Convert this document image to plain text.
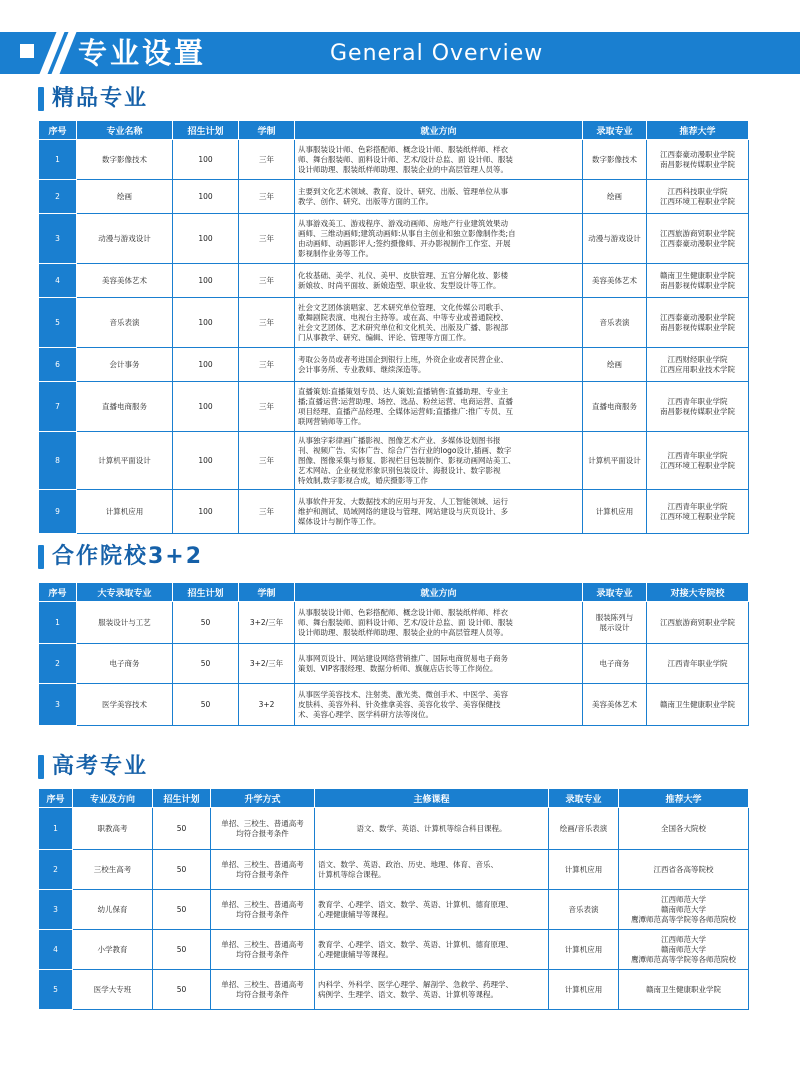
专业设置	General Overview
精品专业
序号	专业名称	招生计划	学制	就业方向	录取专业	推荐大学
1	数字影像技术	100	三年	从事服装设计师、色彩搭配师、概念设计师、服装纸样师、样衣
师、舞台服装师、面料设计师、艺术/设计总监、面 设计师、服装
设计师助理、服装纸样师助理、服装企业的中高层管理人员等。	数字影像技术	江西泰豪动漫职业学院
南昌影视传媒职业学院

2	绘画	100	三年	主要到文化艺术领域、教育、设计、研究、出版、管理单位从事
教学、创作、研究、出版等方面的工作。	绘画	江西科技职业学院
江西环境工程职业学院

3	动漫与游戏设计	100	三年	从事游戏美工、游戏程序、游戏动画师、房地产行业建筑效果动
画师、三维动画师;建筑动画师:从事自主创业和独立影像制作类;自
由动画师、动画影评人;签约摄像师、开办影视制作工作室、开展
影视制作业务等工作。	动漫与游戏设计	江西旅游商贸职业学院
江西泰豪动漫职业学院

4	美容美体艺术	100	三年	化妆基础、美学、礼仪、美甲、皮肤管理、五官分解化妆、影楼
新娘妆、时尚平面妆、新娘造型、职业妆、发型设计等工作。	美容美体艺术	赣南卫生健康职业学院
南昌影视传媒职业学院

5	音乐表演	100	三年	社会文艺团体演唱家、艺术研究单位管理、文化传媒公司歌手、
歌舞剧院表演、电视台主持等。或在高、中等专业或普通院校、
社会文艺团体、艺术研究单位和文化机关、出版及广播、影视部
门从事教学、研究、编辑、评论、管理等方面工作。	音乐表演	江西泰豪动漫职业学院
南昌影视传媒职业学院

6	会计事务	100	三年	考取公务员或者考进国企到银行上班，外资企业或者民营企业、
会计事务所、专业教师、继续深造等。	绘画	江西财经职业学院
江西应用职业技术学院

7	直播电商服务	100	三年	直播策划:直播策划专员、达人策划;直播销售:直播助理、专业主
播;直播运营:运营助理、场控、选品、粉丝运营、电商运营、直播
项目经理、直播产品经理、全媒体运营师;直播推广:推广专员、互
联网营销师等工作。	直播电商服务	江西青年职业学院
南昌影视传媒职业学院

8	计算机平面设计	100	三年	从事独字彩律画广播影视、图像艺术产业、多媒体设划图书报
刊、视频广告、实体广告、综合广告行业的logo设计,插画、数字
图像、图像采集与修复、影视栏目包装制作、影视动画网站美工、
艺术网站、企业视觉形象识别包装设计、海报设计、数字影视
特效制,数字影视合成，婚庆摄影等工作	计算机平面设计	江西青年职业学院
江西环境工程职业学院

9	计算机应用	100	三年	从事软件开发、大数据技术的应用与开发、人工智能领域、运行
维护和测试、局域网络的建设与管理、网站建设与庆页设计、多
媒体设计与制作等工作。	计算机应用	江西青年职业学院
江西环境工程职业学院
合作院校3+2
序号	大专录取专业	招生计划	学制	就业方向	录取专业	对接大专院校
1	服装设计与工艺	50	3+2/三年	从事服装设计师、色彩搭配师、概念设计师、服装纸样师、样衣
师、舞台服装师、面料设计师、艺术/设计总监、面 设计师、服装
设计师助理、服装纸样师助理、服装企业的中高层管理人员等。	服装陈列与
展示设计	江西旅游商贸职业学院

2	电子商务	50	3+2/三年	从事网页设计、网站建设网络营销推广、国际电商贸易电子商务
策划、VIP客服经理、数据分析师、旗舰店店长等工作岗位。	电子商务	江西青年职业学院

3	医学美容技术	50	3+2	从事医学美容技术、注射类、激光类、微创手术、中医学、美容
皮肤科、美容外科、针灸推拿美容、美容化妆学、美容保健技
术、美容心理学、医学科研方法等岗位。	美容美体艺术	赣南卫生健康职业学院
高考专业
序号	专业及方向	招生计划	升学方式	主修课程	录取专业	推荐大学
1	职教高考	50	单招、三校生、普通高考
均符合报考条件	语文、数学、英语、计算机等综合科目课程。	绘画/音乐表演	全国各大院校

2	三校生高考	50	单招、三校生、普通高考
均符合报考条件	语文、数学、英语、政治、历史、地理、体育、音乐、
计算机等综合课程。	计算机应用	江西省各高等院校

3	幼儿保育	50	单招、三校生、普通高考
均符合报考条件	教育学、心理学、语文、数学、英语、计算机、德育原理、
心理健康辅导等课程。	音乐表演	江西师范大学
赣南师范大学
鹰潭师范高等学院等各师范院校

4	小学教育	50	单招、三校生、普通高考
均符合报考条件	教育学、心理学、语文、数学、英语、计算机、德育原理、
心理健康辅导等课程。	计算机应用	江西师范大学
赣南师范大学
鹰潭师范高等学院等各师范院校

5	医学大专班	50	单招、三校生、普通高考
均符合报考条件	内科学、外科学、医学心理学、解剖学、急救学、药理学、
病例学、生理学、语文、数学、英语、计算机等课程。	计算机应用	赣南卫生健康职业学院
